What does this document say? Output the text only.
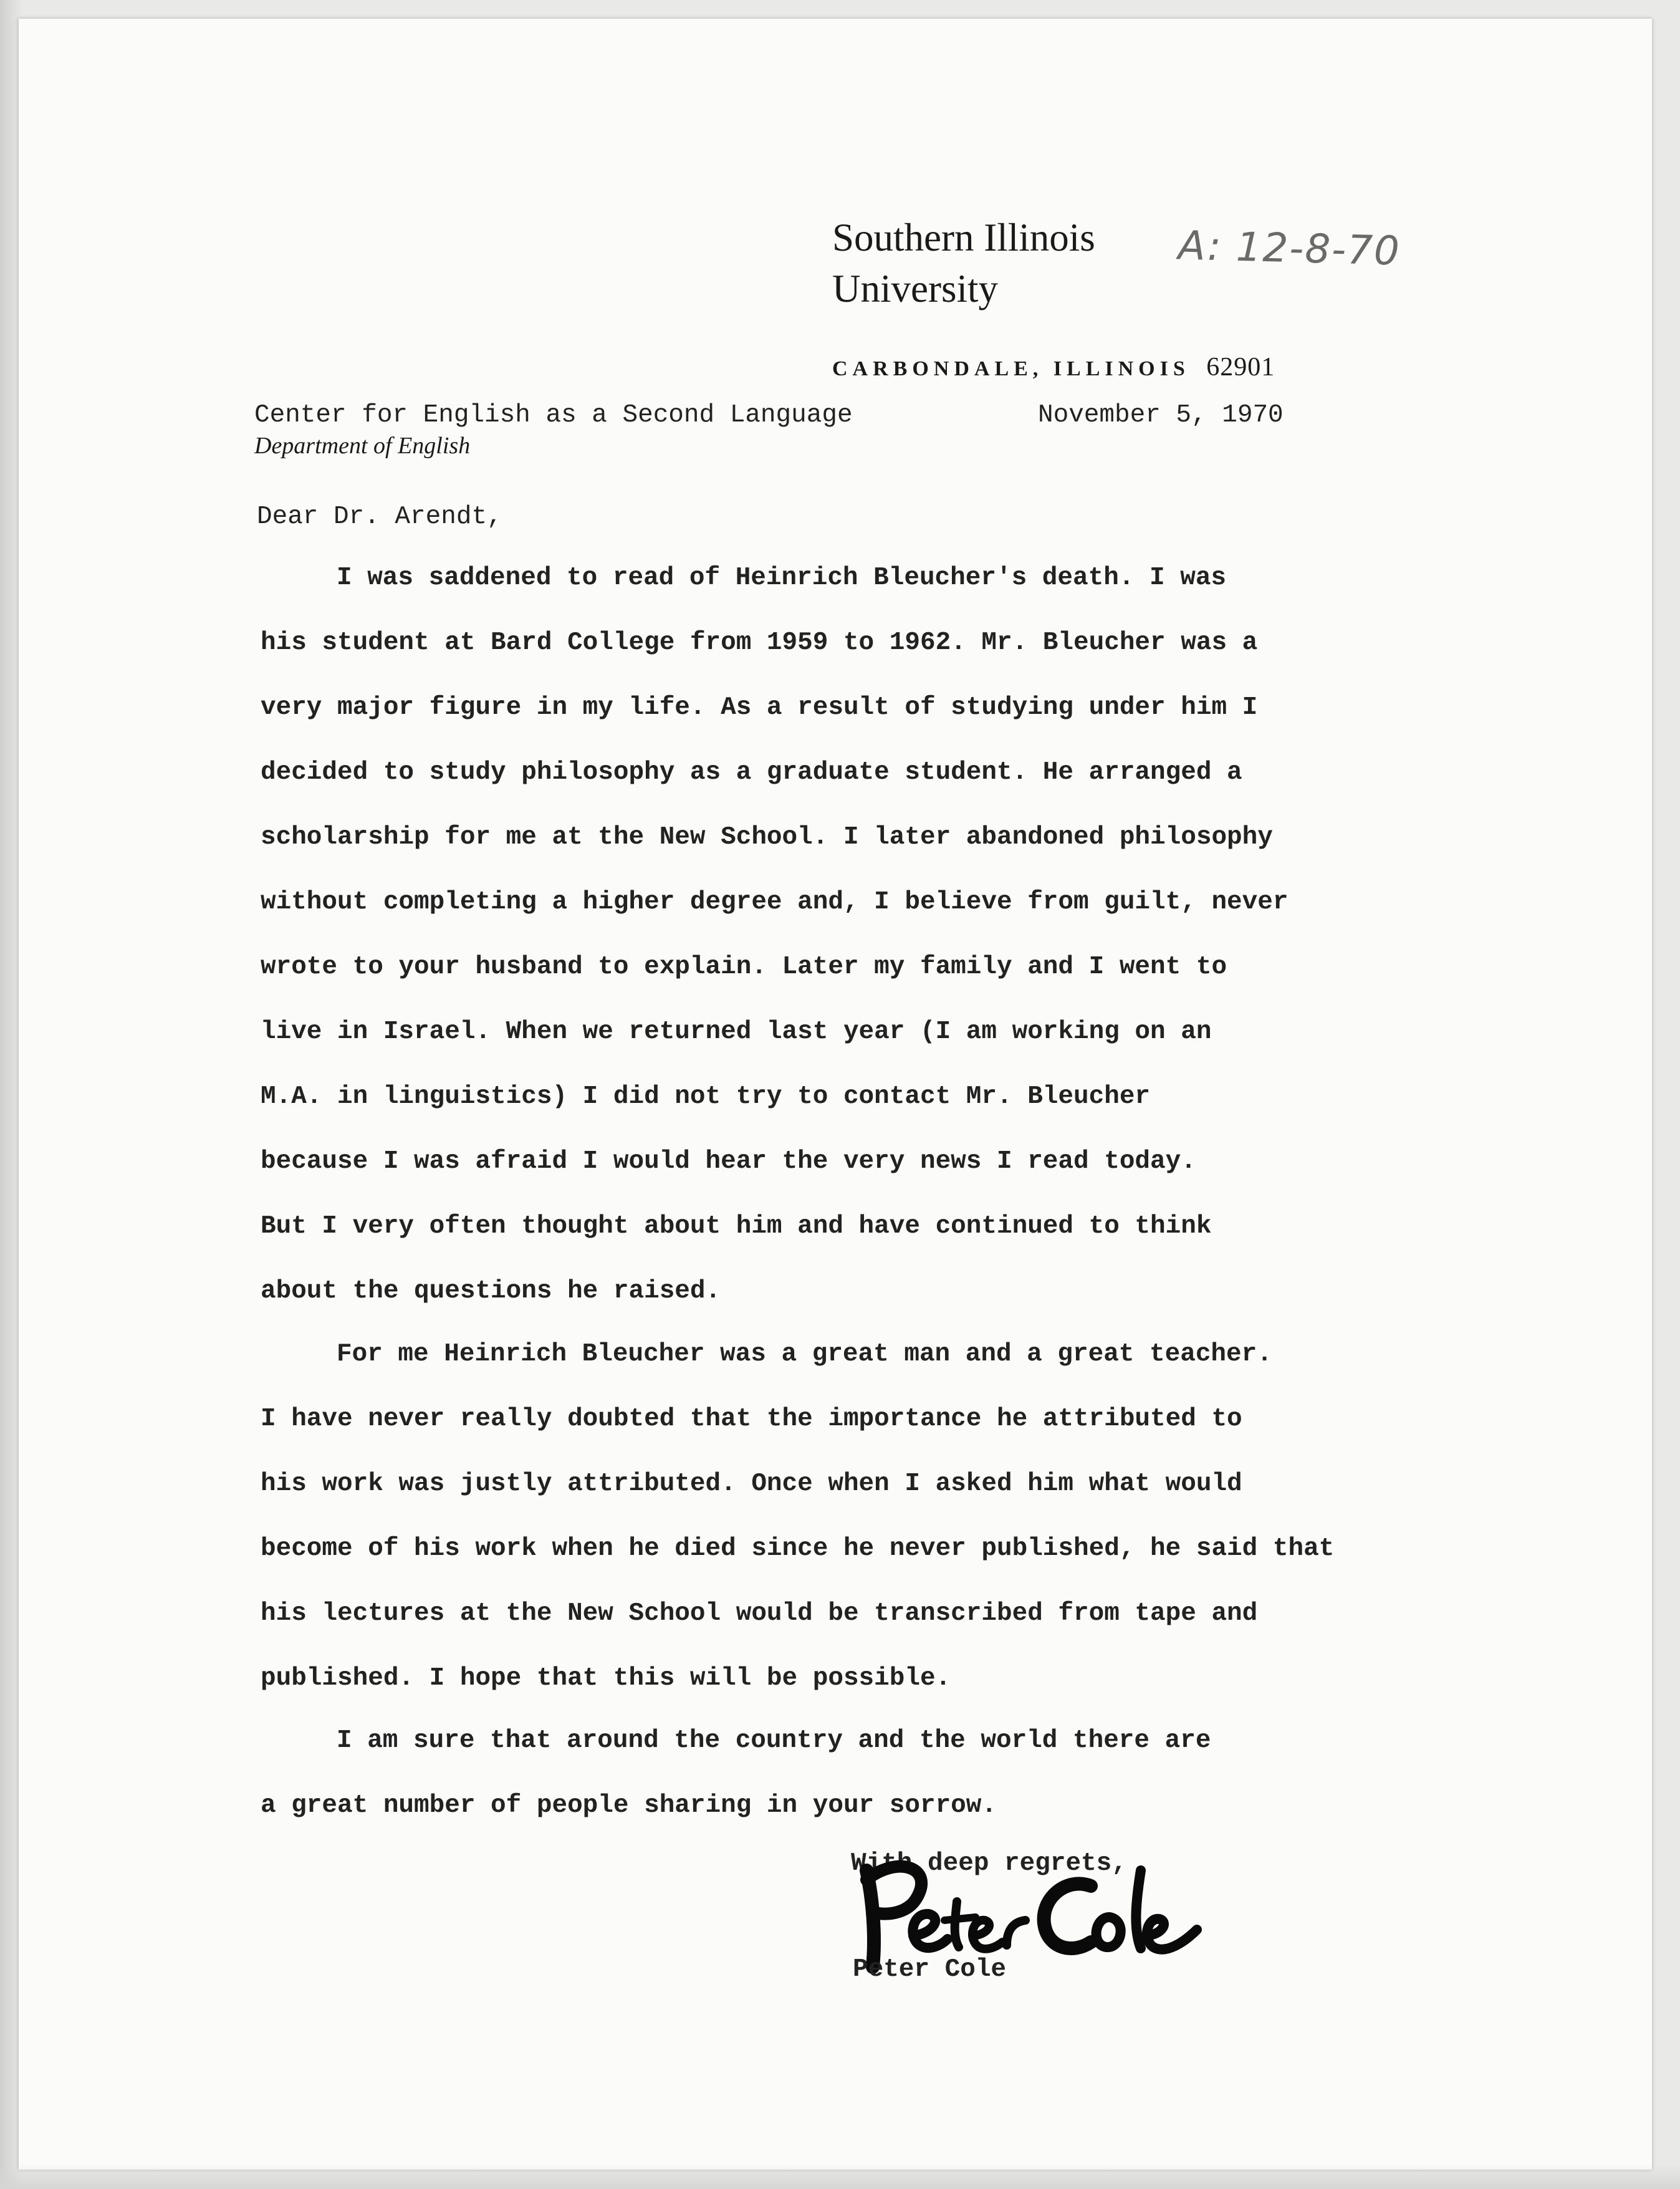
Southern Illinois
University
A: 12-8-70
CARBONDALE, ILLINOIS 62901
Center for English as a Second Language
Department of English
November 5, 1970
Dear Dr. Arendt,
I was saddened to read of Heinrich Bleucher's death. I was
his student at Bard College from 1959 to 1962. Mr. Bleucher was a
very major figure in my life. As a result of studying under him I
decided to study philosophy as a graduate student. He arranged a
scholarship for me at the New School. I later abandoned philosophy
without completing a higher degree and, I believe from guilt, never
wrote to your husband to explain. Later my family and I went to
live in Israel. When we returned last year (I am working on an
M.A. in linguistics) I did not try to contact Mr. Bleucher
because I was afraid I would hear the very news I read today.
But I very often thought about him and have continued to think
about the questions he raised.
For me Heinrich Bleucher was a great man and a great teacher.
I have never really doubted that the importance he attributed to
his work was justly attributed. Once when I asked him what would
become of his work when he died since he never published, he said that
his lectures at the New School would be transcribed from tape and
published. I hope that this will be possible.
I am sure that around the country and the world there are
a great number of people sharing in your sorrow.
With deep regrets,
Peter Cole
